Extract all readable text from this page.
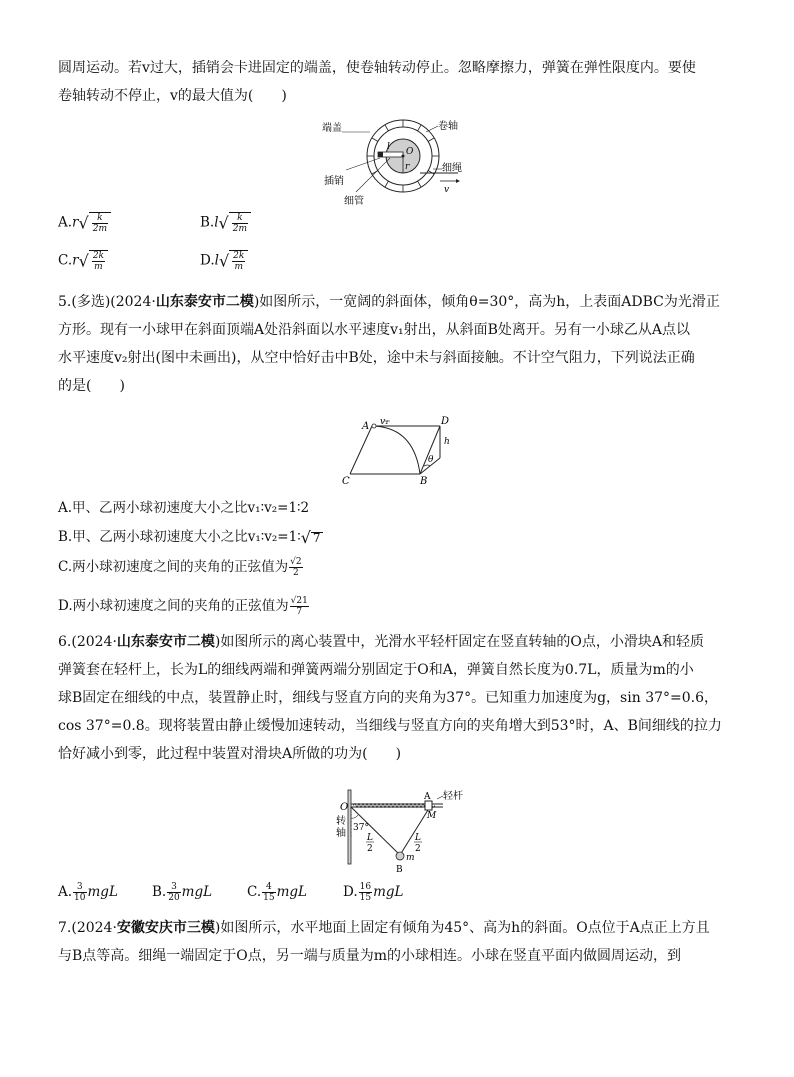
圆周运动。若v过大，插销会卡进固定的端盖，使卷轴转动停止。忽略摩擦力，弹簧在弹性限度内。要使
卷轴转动不停止，v的最大值为(　　)

端盖	卷轴
l O
r	细绳
v
插销
细管
$A.r√ \frac{k}{2m}$	$B.l√ \frac{k}{2m}$
$C.r√ \frac{2k}{m}$	$D.l√ \frac{2k}{m}$

5.(多选)(2024·山东泰安市二模)如图所示，一宽阔的斜面体，倾角θ=30°，高为h，上表面ADBC为光滑正
方形。现有一小球甲在斜面顶端A处沿斜面以水平速度v₁射出，从斜面B处离开。另有一小球乙从A点以
水平速度v₂射出(图中未画出)，从空中恰好击中B处，途中未与斜面接触。不计空气阻力，下列说法正确
的是(　　)

A v₁	D
h
θ
C	B
A.甲、乙两小球初速度大小之比v₁∶v₂=1∶2
B.甲、乙两小球初速度大小之比v₁∶v₂=1∶√ 7
C.两小球初速度之间的夹角的正弦值为 $\frac{√2}{2}$
D.两小球初速度之间的夹角的正弦值为 $\frac{√21}{7}$

6.(2024·山东泰安市二模)如图所示的离心装置中，光滑水平轻杆固定在竖直转轴的O点，小滑块A和轻质
弹簧套在轻杆上，长为L的细线两端和弹簧两端分别固定于O和A，弹簧自然长度为0.7L，质量为m的小
球B固定在细线的中点，装置静止时，细线与竖直方向的夹角为37°。已知重力加速度为g，sin 37°=0.6，
cos 37°=0.8。现将装置由静止缓慢加速转动，当细线与竖直方向的夹角增大到53°时，A、B间细线的拉力
恰好减小到零，此过程中装置对滑块A所做的功为(　　)

O
A 轻杆
M
转
轴 37°
L
2
L
2
m
B
A. $\frac{3}{10}$ mgL	B. $\frac{3}{20}$ mgL	C. $\frac{4}{15}$ mgL	D. $\frac{16}{15}$ mgL

7.(2024·安徽安庆市三模)如图所示，水平地面上固定有倾角为45°、高为h的斜面。O点位于A点正上方且
与B点等高。细绳一端固定于O点，另一端与质量为m的小球相连。小球在竖直平面内做圆周运动，到
